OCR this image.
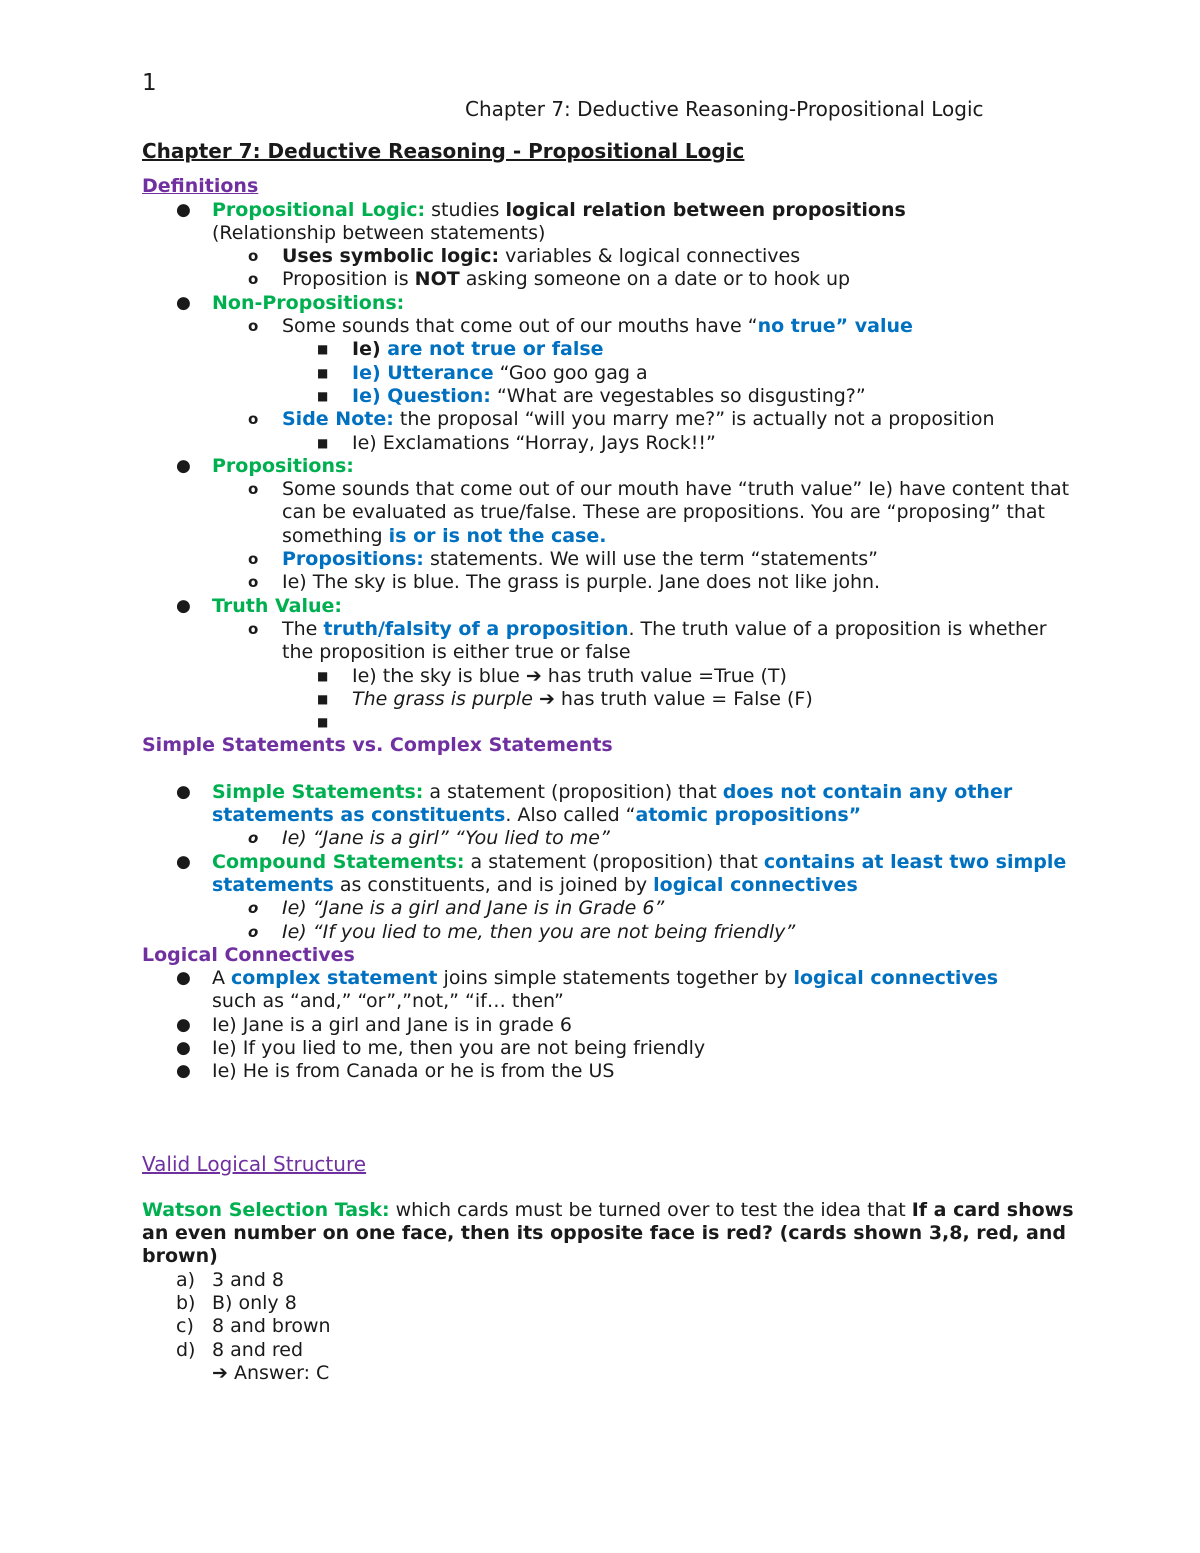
1
Chapter 7: Deductive Reasoning-Propositional Logic
Chapter 7: Deductive Reasoning - Propositional Logic
Definitions
● Propositional Logic: studies logical relation between propositions
(Relationship between statements)
o Uses symbolic logic: variables & logical connectives
o Proposition is NOT asking someone on a date or to hook up
● Non-Propositions:
o Some sounds that come out of our mouths have “no true” value
■ Ie) are not true or false
■ Ie) Utterance “Goo goo gag a
■ Ie) Question: “What are vegestables so disgusting?”
o Side Note: the proposal “will you marry me?” is actually not a proposition
■ Ie) Exclamations “Horray, Jays Rock!!”
● Propositions:
o Some sounds that come out of our mouth have “truth value” Ie) have content that can be evaluated as true/false. These are propositions. You are “proposing” that something is or is not the case.
o Propositions: statements. We will use the term “statements”
o Ie) The sky is blue. The grass is purple. Jane does not like john.
● Truth Value:
o The truth/falsity of a proposition. The truth value of a proposition is whether the proposition is either true or false
■ Ie) the sky is blue ➔ has truth value =True (T)
■ The grass is purple ➔ has truth value = False (F)
■

Simple Statements vs. Complex Statements
● Simple Statements: a statement (proposition) that does not contain any other statements as constituents. Also called “atomic propositions”
o Ie) “Jane is a girl” “You lied to me”
● Compound Statements: a statement (proposition) that contains at least two simple statements as constituents, and is joined by logical connectives
o Ie) “Jane is a girl and Jane is in Grade 6”
o Ie) “If you lied to me, then you are not being friendly”
Logical Connectives
● A complex statement joins simple statements together by logical connectives
such as “and,” “or”,”not,” “if… then”
● Ie) Jane is a girl and Jane is in grade 6
● Ie) If you lied to me, then you are not being friendly
● Ie) He is from Canada or he is from the US
Valid Logical Structure
Watson Selection Task: which cards must be turned over to test the idea that If a card shows an even number on one face, then its opposite face is red? (cards shown 3,8, red, and brown)
a) 3 and 8
b) B) only 8
c) 8 and brown
d) 8 and red
➔ Answer: C
